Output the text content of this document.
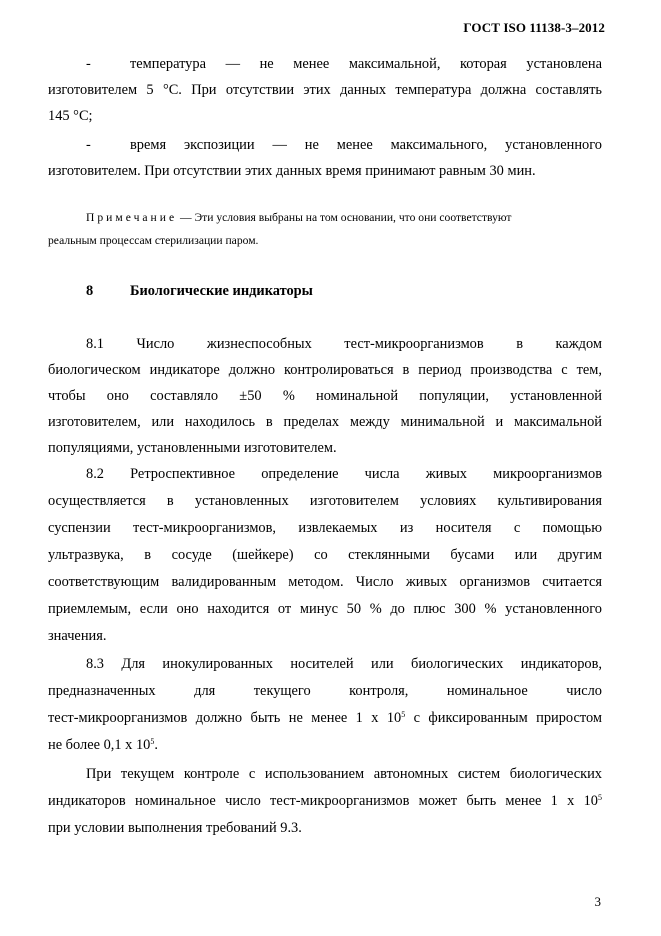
ГОСТ ISO 11138-3–2012
-	температура — не менее максимальной, которая установлена
изготовителем 5 °С. При отсутствии этих данных температура должна составлять
145 °С;
-	время экспозиции — не менее максимального, установленного
изготовителем. При отсутствии этих данных время принимают равным 30 мин.
Примечание — Эти условия выбраны на том основании, что они соответствуют
реальным процессам стерилизации паром.
8	Биологические индикаторы
8.1 Число жизнеспособных тест-микроорганизмов в каждом
биологическом индикаторе должно контролироваться в период производства с тем,
чтобы оно составляло ±50 % номинальной популяции, установленной
изготовителем, или находилось в пределах между минимальной и максимальной
популяциями, установленными изготовителем.
8.2 Ретроспективное определение числа живых микроорганизмов
осуществляется в установленных изготовителем условиях культивирования
суспензии тест-микроорганизмов, извлекаемых из носителя с помощью
ультразвука, в сосуде (шейкере) со стеклянными бусами или другим
соответствующим валидированным методом. Число живых организмов считается
приемлемым, если оно находится от минус 50 % до плюс 300 % установленного
значения.
8.3 Для инокулированных носителей или биологических индикаторов,
предназначенных для текущего контроля, номинальное число
тест-микроорганизмов должно быть не менее 1 х $10^5$ с фиксированным приростом
не более 0,1 х $10^5$.
При текущем контроле с использованием автономных систем биологических
индикаторов номинальное число тест-микроорганизмов может быть менее 1 х $10^5$
при условии выполнения требований 9.3.
3
